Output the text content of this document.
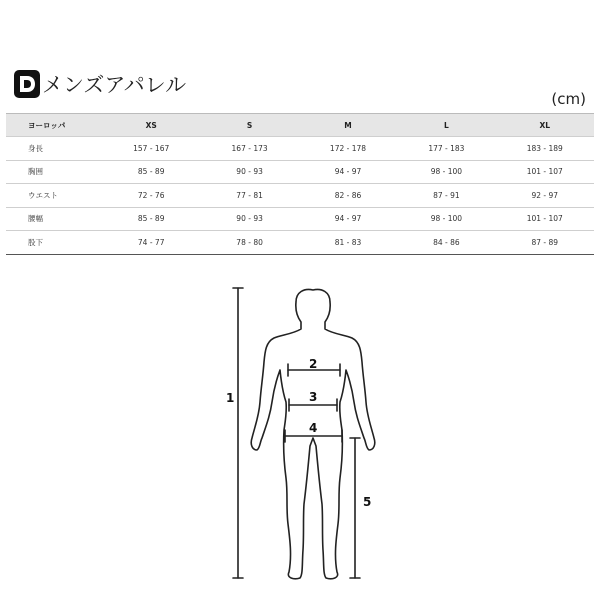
メンズアパレル
(cm)
ヨーロッパ	XS	S	M	L	XL
身長	157 - 167	167 - 173	172 - 178	177 - 183	183 - 189
胸囲	85 - 89	90 - 93	94 - 97	98 - 100	101 - 107
ウエスト	72 - 76	77 - 81	82 - 86	87 - 91	92 - 97
腰幅	85 - 89	90 - 93	94 - 97	98 - 100	101 - 107
股下	74 - 77	78 - 80	81 - 83	84 - 86	87 - 89
1
2
3
4
5
